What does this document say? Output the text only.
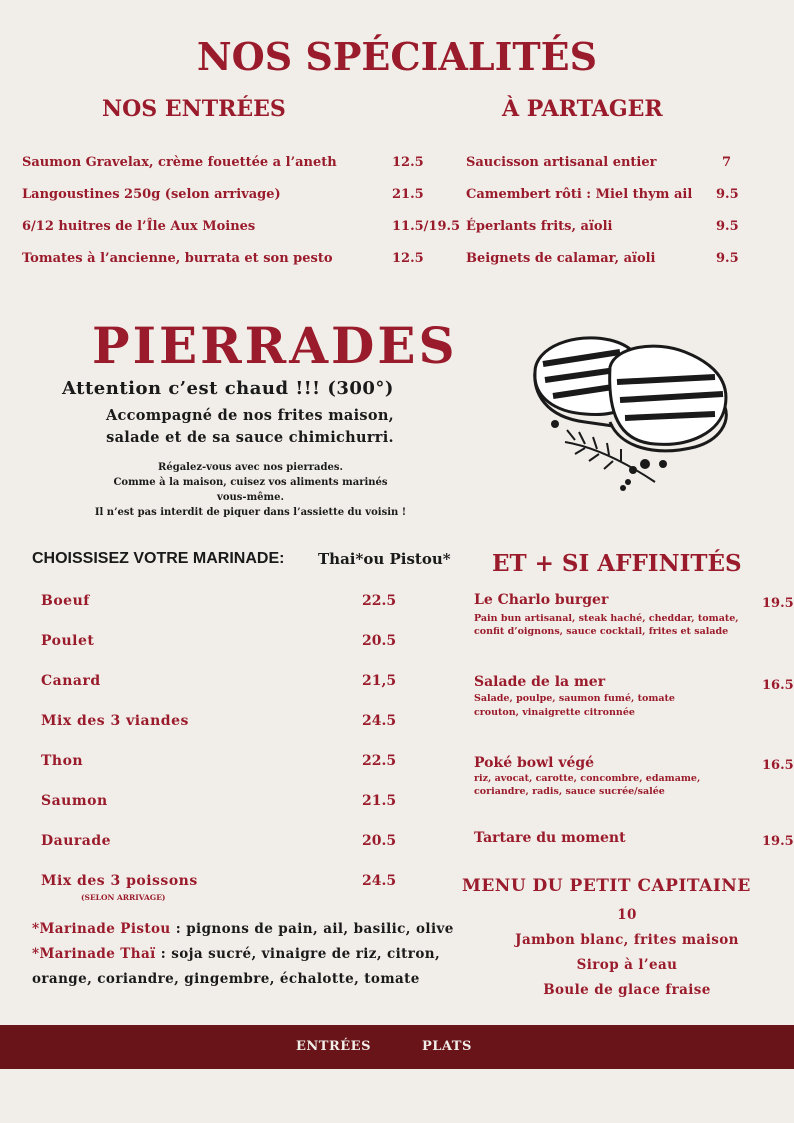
NOS SPÉCIALITÉS
NOS ENTRÉES
Saumon Gravelax, crème fouettée a l’aneth	12.5
Langoustines 250g (selon arrivage)	21.5
6/12 huitres de l’Île Aux Moines	11.5/19.5
Tomates à l’ancienne, burrata et son pesto	12.5
À PARTAGER
Saucisson artisanal entier	7
Camembert rôti : Miel thym ail 9.5
Éperlants frits, aïoli	9.5
Beignets de calamar, aïoli	9.5
PIERRADES
Attention c’est chaud !!! (300°)
Accompagné de nos frites maison,
salade et de sa sauce chimichurri.
Régalez-vous avec nos pierrades.
Comme à la maison, cuisez vos aliments marinés
vous-même.
Il n’est pas interdit de piquer dans l’assiette du voisin !
CHOISSISEZ VOTRE MARINADE: Thai*ou Pistou*
Boeuf	22.5
Poulet	20.5
Canard	21,5
Mix des 3 viandes	24.5
Thon	22.5
Saumon	21.5
Daurade	20.5
Mix des 3 poissons	24.5
(SELON ARRIVAGE)
*Marinade Pistou : pignons de pain, ail, basilic, olive
*Marinade Thaï : soja sucré, vinaigre de riz, citron,
orange, coriandre, gingembre, échalotte, tomate
ET + SI AFFINITÉS
Le Charlo burger
Pain bun artisanal, steak haché, cheddar, tomate,
confit d’oignons, sauce cocktail, frites et salade
19.5
Salade de la mer
Salade, poulpe, saumon fumé, tomate
crouton, vinaigrette citronnée
16.5
Poké bowl végé
riz, avocat, carotte, concombre, edamame,
coriandre, radis, sauce sucrée/salée
16.5
Tartare du moment	19.5
MENU DU PETIT CAPITAINE
10
Jambon blanc, frites maison
Sirop à l’eau
Boule de glace fraise
ENTRÉES	PLATS
